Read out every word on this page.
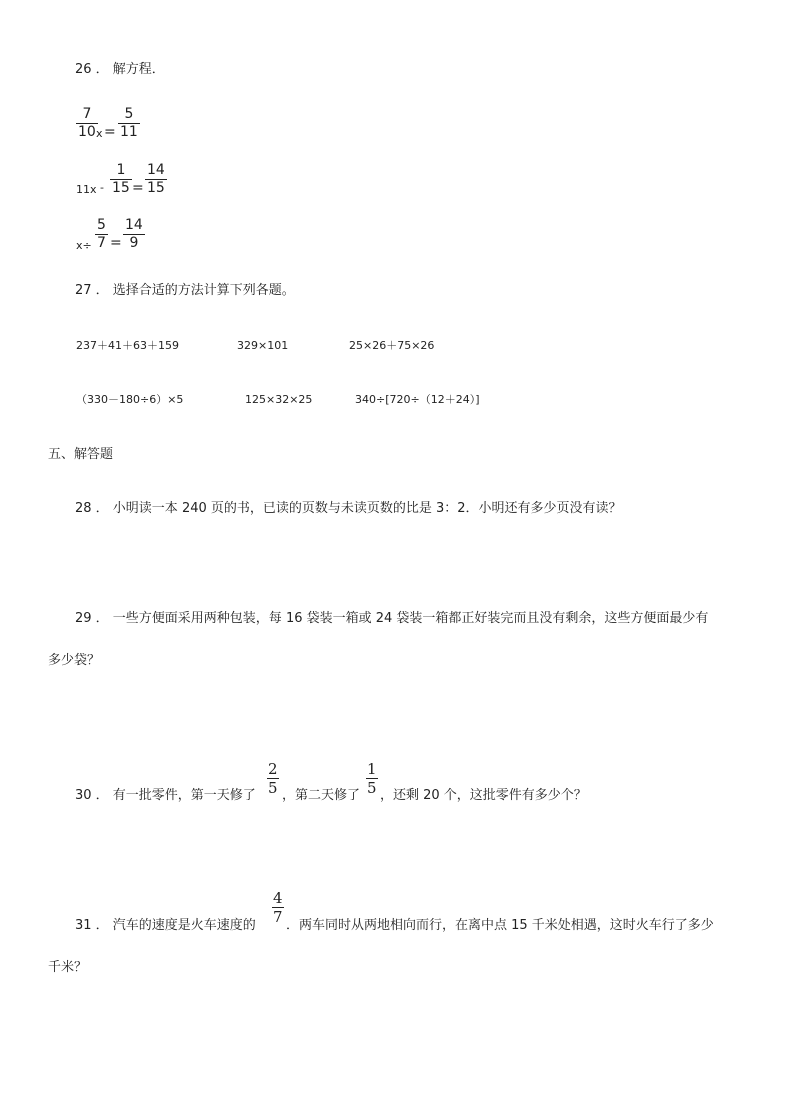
26 ． 解方程．
7
10 x =
5
11
11x -
1
15 =
14
15
x÷
5
7 =
14
9
27 ． 选择合适的方法计算下列各题。
237＋41＋63＋159	329×101	25×26＋75×26
（330－180÷6）×5	125×32×25	340÷[720÷（12＋24）]
五、解答题
28 ． 小明读一本 240 页的书，已读的页数与未读页数的比是 3：2．小明还有多少页没有读？
29 ． 一些方便面采用两种包装，每 16 袋装一箱或 24 袋装一箱都正好装完而且没有剩余，这些方便面最少有
多少袋？
30 ． 有一批零件，第一天修了
2
5 ，第二天修了
1
5 ，还剩 20 个，这批零件有多少个？
31 ． 汽车的速度是火车速度的
4
7 ．两车同时从两地相向而行，在离中点 15 千米处相遇，这时火车行了多少
千米？
